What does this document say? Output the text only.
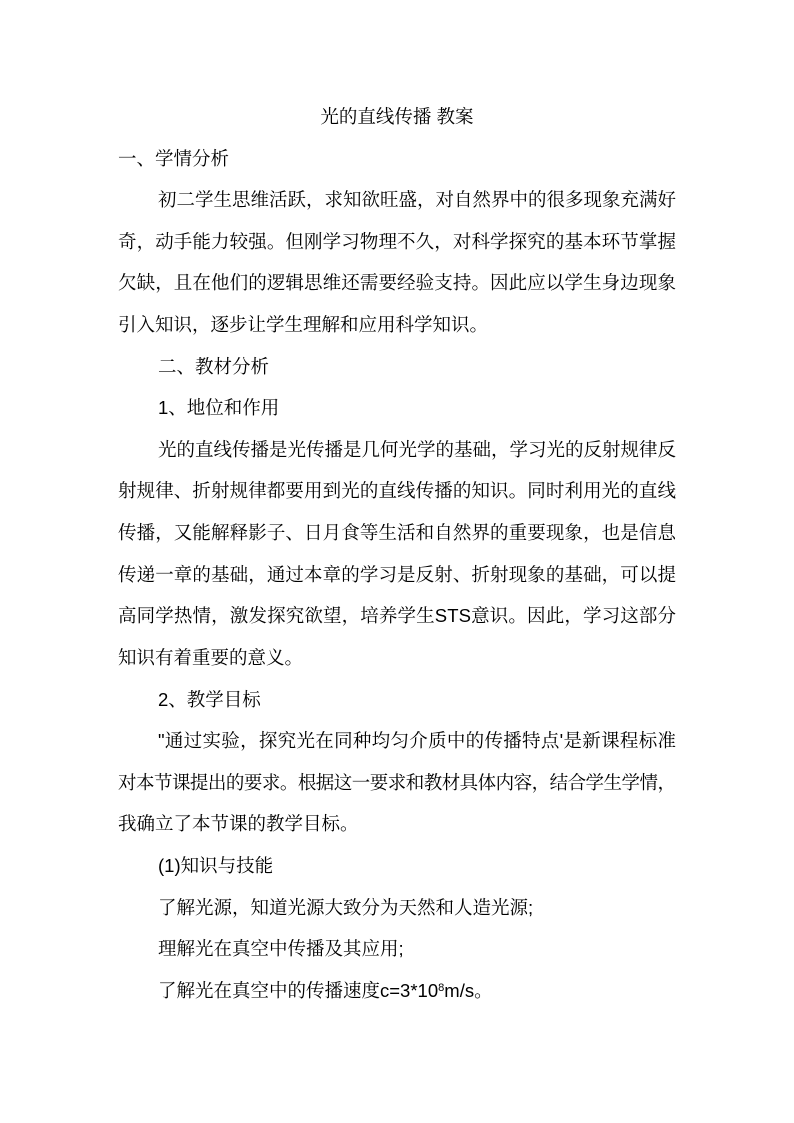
光的直线传播 教案
一、学情分析
初二学生思维活跃，求知欲旺盛，对自然界中的很多现象充满好
奇，动手能力较强。但刚学习物理不久，对科学探究的基本环节掌握
欠缺，且在他们的逻辑思维还需要经验支持。因此应以学生身边现象
引入知识，逐步让学生理解和应用科学知识。
二、教材分析
1、地位和作用
光的直线传播是光传播是几何光学的基础，学习光的反射规律反
射规律、折射规律都要用到光的直线传播的知识。同时利用光的直线
传播，又能解释影子、日月食等生活和自然界的重要现象，也是信息
传递一章的基础，通过本章的学习是反射、折射现象的基础，可以提
高同学热情，激发探究欲望，培养学生STS意识。因此，学习这部分
知识有着重要的意义。
2、教学目标
"通过实验，探究光在同种均匀介质中的传播特点'是新课程标准
对本节课提出的要求。根据这一要求和教材具体内容，结合学生学情，
我确立了本节课的教学目标。
(1)知识与技能
了解光源，知道光源大致分为天然和人造光源;
理解光在真空中传播及其应用;
了解光在真空中的传播速度$c=3*10^8m/s$。
